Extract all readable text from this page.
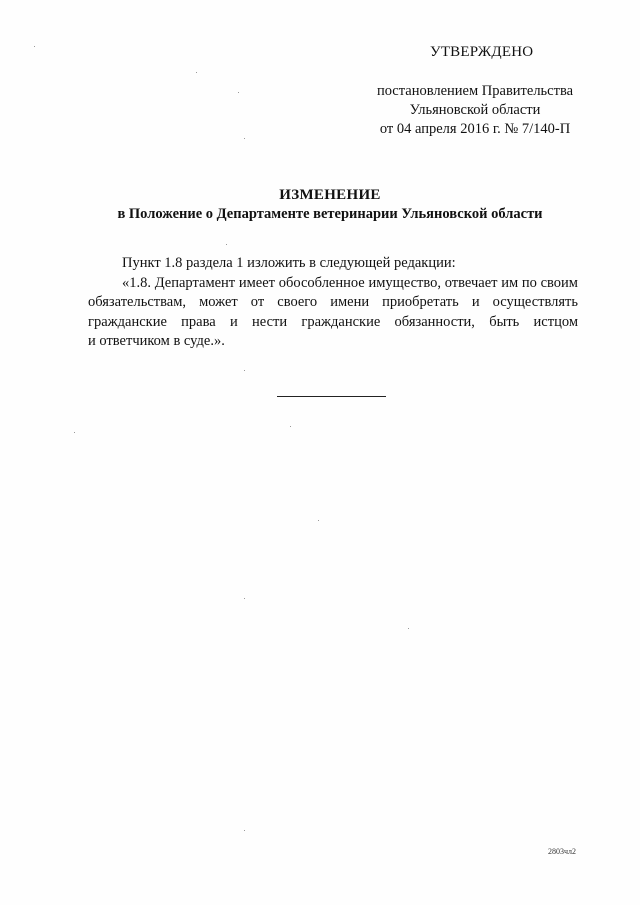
УТВЕРЖДЕНО
постановлением Правительства
Ульяновской области
от 04 апреля 2016 г. № 7/140-П
ИЗМЕНЕНИЕ
в Положение о Департаменте ветеринарии Ульяновской области
Пункт 1.8 раздела 1 изложить в следующей редакции:
«1.8. Департамент имеет обособленное имущество, отвечает им по своим
обязательствам, может от своего имени приобретать и осуществлять
гражданские права и нести гражданские обязанности, быть истцом
и ответчиком в суде.».
2803чл2
